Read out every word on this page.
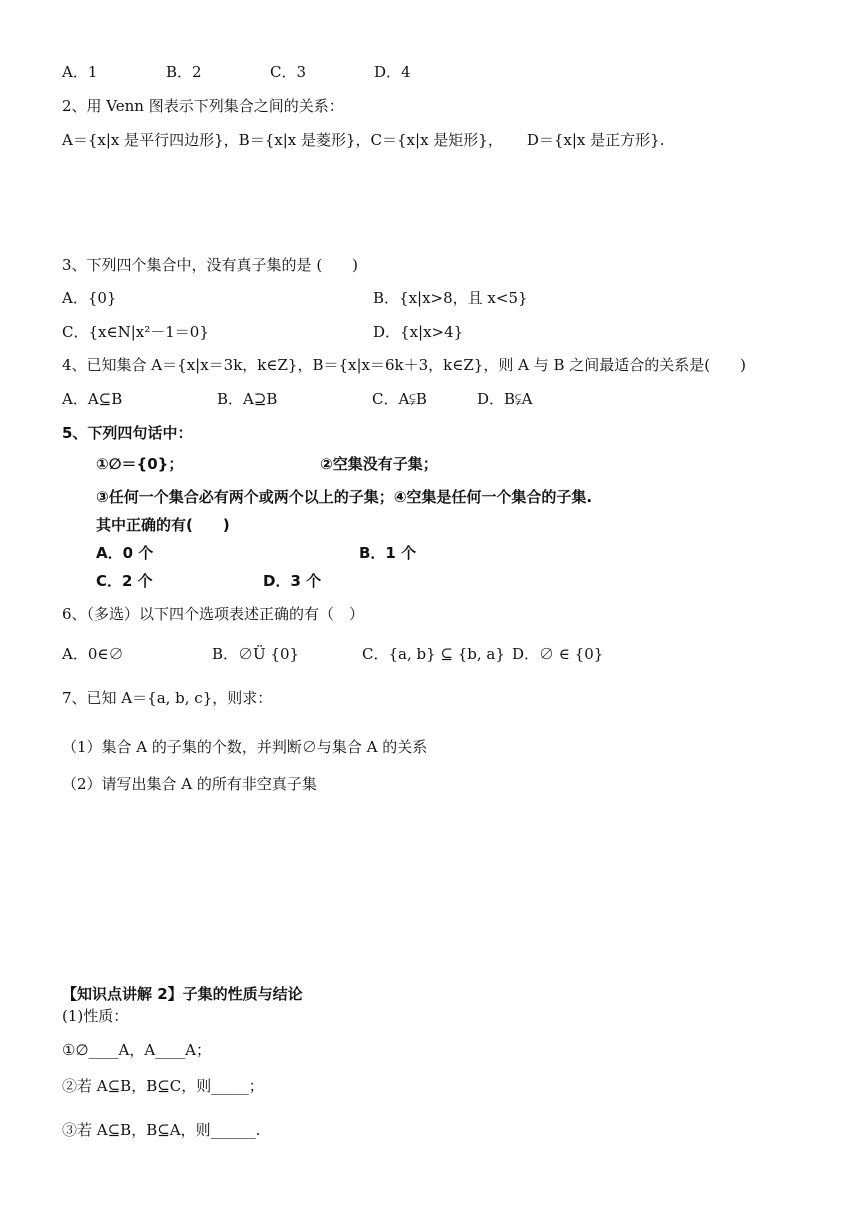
A．1	B．2	C．3	D．4
2、用 Venn 图表示下列集合之间的关系：
A＝{x|x 是平行四边形}，B＝{x|x 是菱形}，C＝{x|x 是矩形}， D＝{x|x 是正方形}.
3、下列四个集合中，没有真子集的是 (　　)
A．{0}	B．{x|x>8，且 x<5}
C．{x∈N|x²－1＝0}	D．{x|x>4}
4、已知集合 A＝{x|x＝3k，k∈Z}，B＝{x|x＝6k＋3，k∈Z}，则 A 与 B 之间最适合的关系是(　　)
A．A⊆B	B．A⊇B	C．A⫋B	D．B⫋A
5、下列四句话中：
①∅＝{0}；	②空集没有子集；
③任何一个集合必有两个或两个以上的子集；④空集是任何一个集合的子集.
其中正确的有(　　)
A．0 个	B．1 个
C．2 个	D．3 个
6、（多选）以下四个选项表述正确的有（　）
A．0∈∅	B．∅Ü {0}	C．{a, b} ⊆ {b, a} D．∅ ∈ {0}
7、已知 A＝{a, b, c}，则求：
（1）集合 A 的子集的个数，并判断∅与集合 A 的关系
（2）请写出集合 A 的所有非空真子集
【知识点讲解 2】子集的性质与结论
(1)性质：
①∅____A，A____A；
②若 A⊆B，B⊆C，则_____；
③若 A⊆B，B⊆A，则______.
